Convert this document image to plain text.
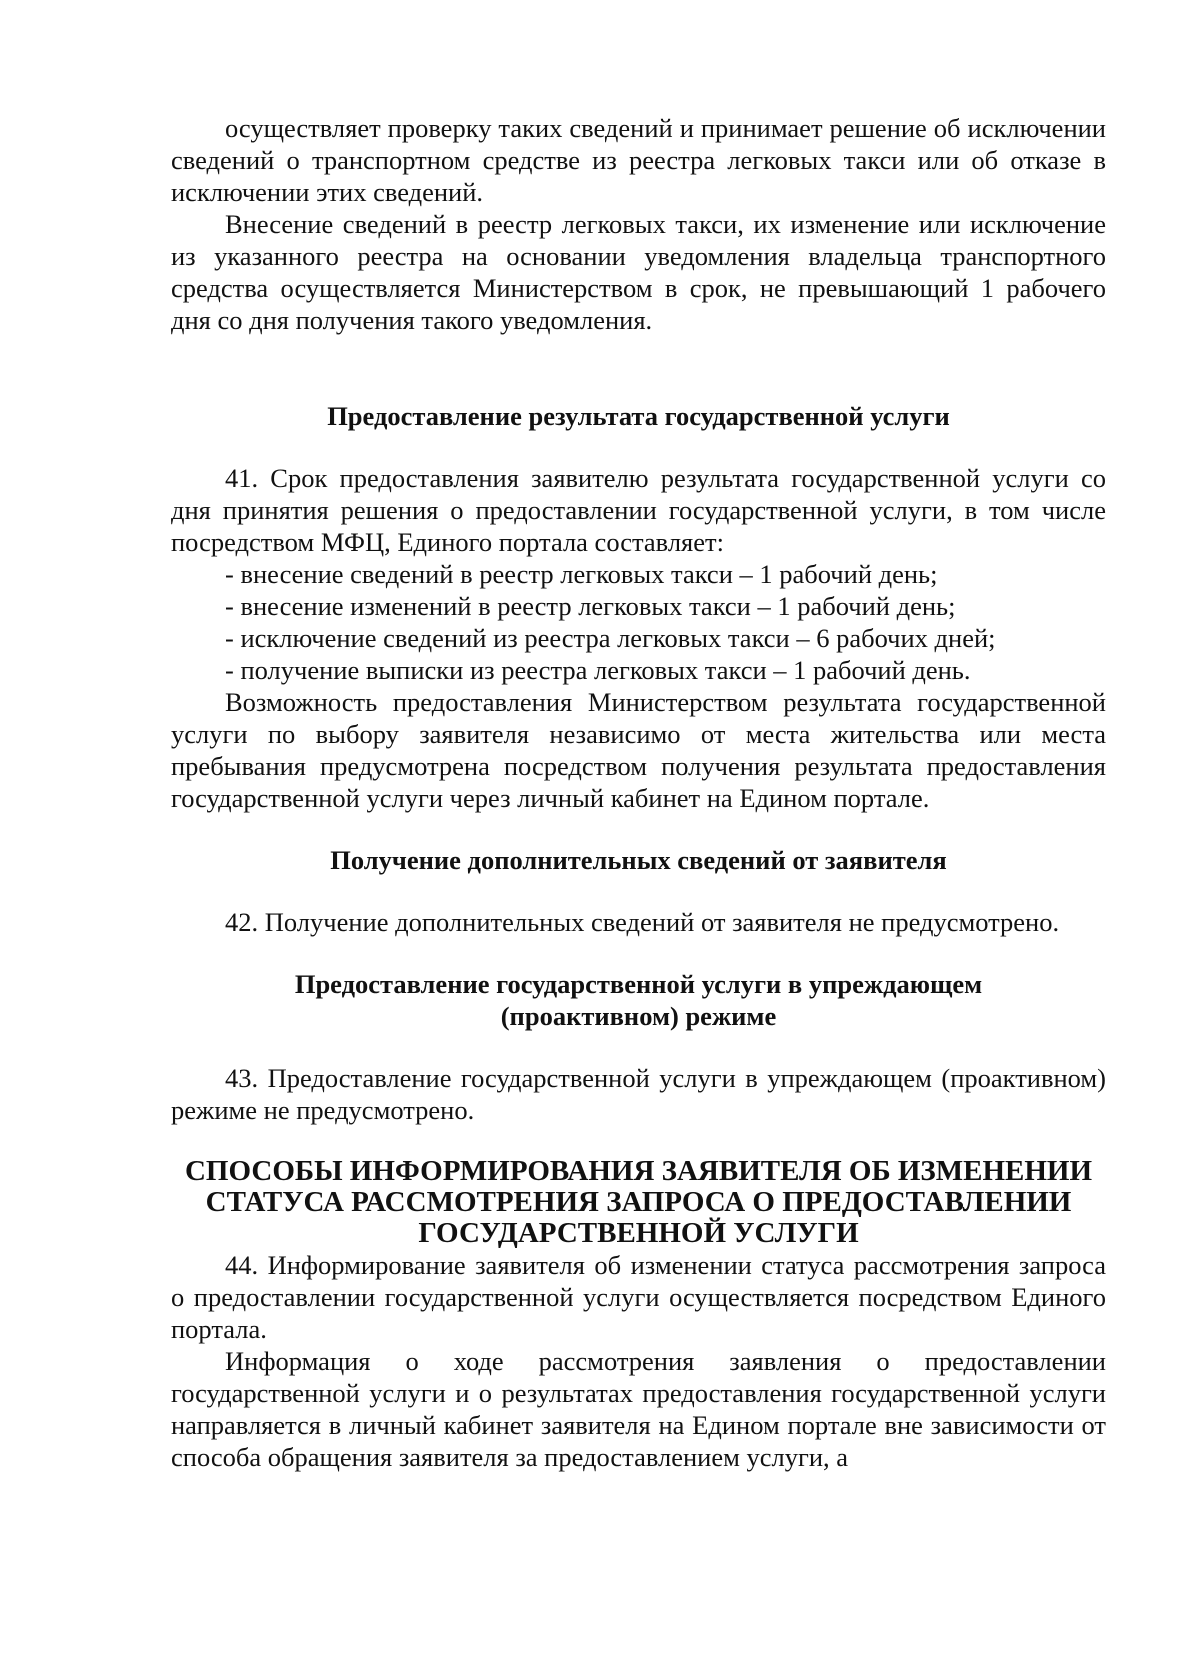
осуществляет проверку таких сведений и принимает решение об исключении сведений о транспортном средстве из реестра легковых такси или об отказе в исключении этих сведений.

Внесение сведений в реестр легковых такси, их изменение или исключение из указанного реестра на основании уведомления владельца транспортного средства осуществляется Министерством в срок, не превышающий 1 рабочего дня со дня получения такого уведомления.

Предоставление результата государственной услуги

41. Срок предоставления заявителю результата государственной услуги со дня принятия решения о предоставлении государственной услуги, в том числе посредством МФЦ, Единого портала составляет:

- внесение сведений в реестр легковых такси – 1 рабочий день;
- внесение изменений в реестр легковых такси – 1 рабочий день;
- исключение сведений из реестра легковых такси – 6 рабочих дней;
- получение выписки из реестра легковых такси – 1 рабочий день.

Возможность предоставления Министерством результата государственной услуги по выбору заявителя независимо от места жительства или места пребывания предусмотрена посредством получения результата предоставления государственной услуги через личный кабинет на Едином портале.

Получение дополнительных сведений от заявителя

42. Получение дополнительных сведений от заявителя не предусмотрено.

Предоставление государственной услуги в упреждающем
(проактивном) режиме

43. Предоставление государственной услуги в упреждающем (проактивном) режиме не предусмотрено.

СПОСОБЫ ИНФОРМИРОВАНИЯ ЗАЯВИТЕЛЯ ОБ ИЗМЕНЕНИИ
СТАТУСА РАССМОТРЕНИЯ ЗАПРОСА О ПРЕДОСТАВЛЕНИИ
ГОСУДАРСТВЕННОЙ УСЛУГИ

44. Информирование заявителя об изменении статуса рассмотрения запроса о предоставлении государственной услуги осуществляется посредством Единого портала.

Информация о ходе рассмотрения заявления о предоставлении государственной услуги и о результатах предоставления государственной услуги направляется в личный кабинет заявителя на Едином портале вне зависимости от способа обращения заявителя за предоставлением услуги, а
